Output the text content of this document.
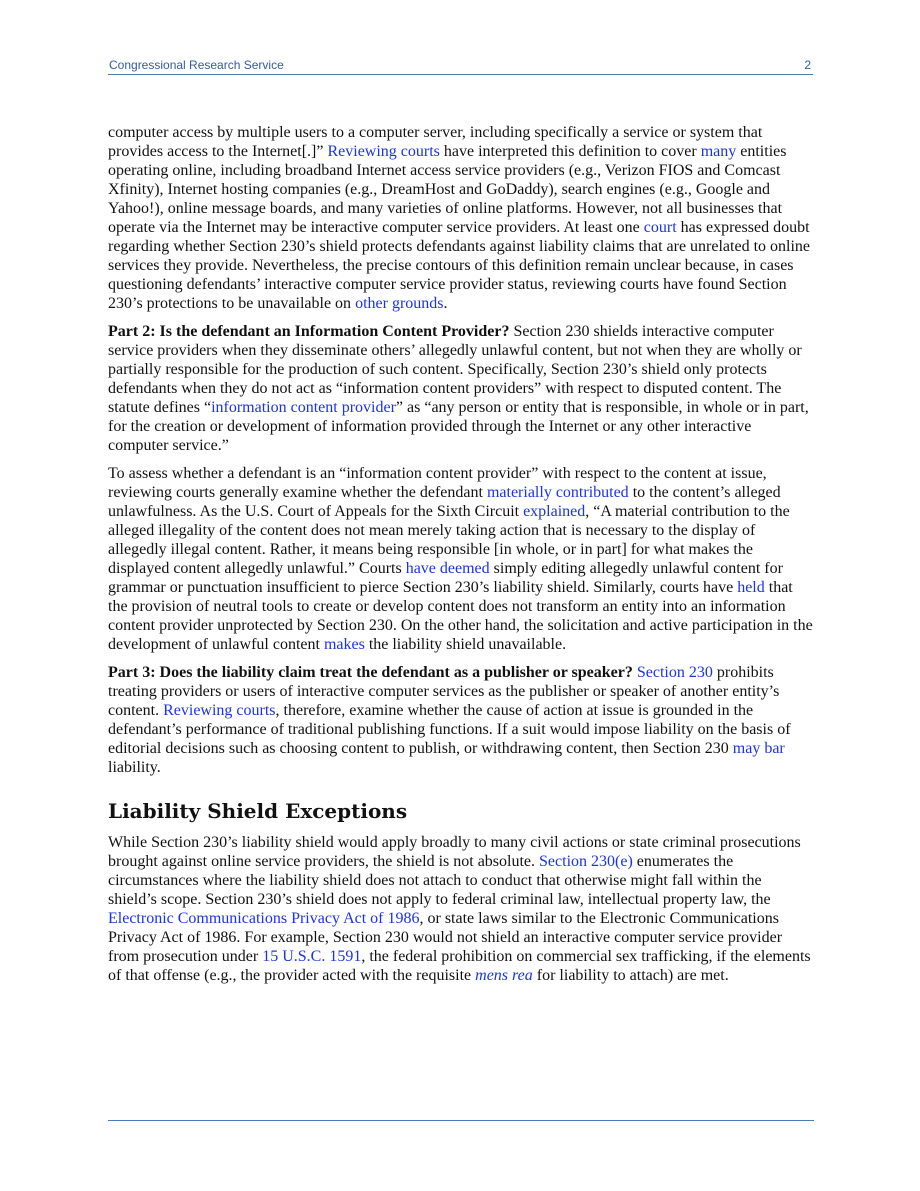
Congressional Research Service	2

computer access by multiple users to a computer server, including specifically a service or system that provides access to the Internet[.]” Reviewing courts have interpreted this definition to cover many entities operating online, including broadband Internet access service providers (e.g., Verizon FIOS and Comcast Xfinity), Internet hosting companies (e.g., DreamHost and GoDaddy), search engines (e.g., Google and Yahoo!), online message boards, and many varieties of online platforms. However, not all businesses that operate via the Internet may be interactive computer service providers. At least one court has expressed doubt regarding whether Section 230’s shield protects defendants against liability claims that are unrelated to online services they provide. Nevertheless, the precise contours of this definition remain unclear because, in cases questioning defendants’ interactive computer service provider status, reviewing courts have found Section 230’s protections to be unavailable on other grounds.

Part 2: Is the defendant an Information Content Provider? Section 230 shields interactive computer service providers when they disseminate others’ allegedly unlawful content, but not when they are wholly or partially responsible for the production of such content. Specifically, Section 230’s shield only protects defendants when they do not act as “information content providers” with respect to disputed content. The statute defines “information content provider” as “any person or entity that is responsible, in whole or in part, for the creation or development of information provided through the Internet or any other interactive computer service.”

To assess whether a defendant is an “information content provider” with respect to the content at issue, reviewing courts generally examine whether the defendant materially contributed to the content’s alleged unlawfulness. As the U.S. Court of Appeals for the Sixth Circuit explained, “A material contribution to the alleged illegality of the content does not mean merely taking action that is necessary to the display of allegedly illegal content. Rather, it means being responsible [in whole, or in part] for what makes the displayed content allegedly unlawful.” Courts have deemed simply editing allegedly unlawful content for grammar or punctuation insufficient to pierce Section 230’s liability shield. Similarly, courts have held that the provision of neutral tools to create or develop content does not transform an entity into an information content provider unprotected by Section 230. On the other hand, the solicitation and active participation in the development of unlawful content makes the liability shield unavailable.

Part 3: Does the liability claim treat the defendant as a publisher or speaker? Section 230 prohibits treating providers or users of interactive computer services as the publisher or speaker of another entity’s content. Reviewing courts, therefore, examine whether the cause of action at issue is grounded in the defendant’s performance of traditional publishing functions. If a suit would impose liability on the basis of editorial decisions such as choosing content to publish, or withdrawing content, then Section 230 may bar liability.

Liability Shield Exceptions

While Section 230’s liability shield would apply broadly to many civil actions or state criminal prosecutions brought against online service providers, the shield is not absolute. Section 230(e) enumerates the circumstances where the liability shield does not attach to conduct that otherwise might fall within the shield’s scope. Section 230’s shield does not apply to federal criminal law, intellectual property law, the Electronic Communications Privacy Act of 1986, or state laws similar to the Electronic Communications Privacy Act of 1986. For example, Section 230 would not shield an interactive computer service provider from prosecution under 15 U.S.C. 1591, the federal prohibition on commercial sex trafficking, if the elements of that offense (e.g., the provider acted with the requisite mens rea for liability to attach) are met.
